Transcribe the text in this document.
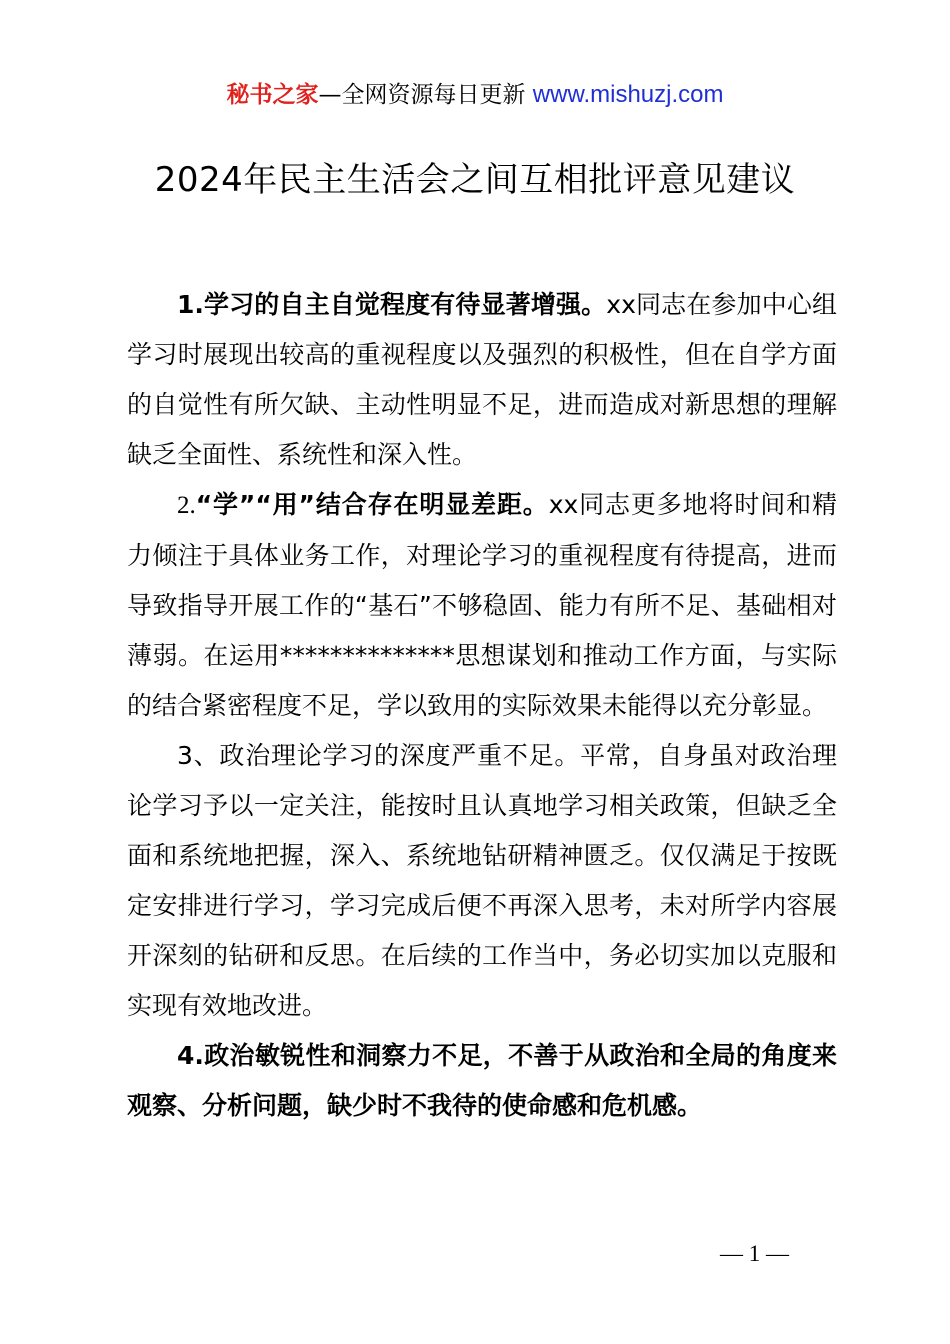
秘书之家—全网资源每日更新 www.mishuzj.com
2024年民主生活会之间互相批评意见建议

1.学习的自主自觉程度有待显著增强。xx同志在参加中心组学习时展现出较高的重视程度以及强烈的积极性，但在自学方面的自觉性有所欠缺、主动性明显不足，进而造成对新思想的理解缺乏全面性、系统性和深入性。

2.“学”“用”结合存在明显差距。xx同志更多地将时间和精力倾注于具体业务工作，对理论学习的重视程度有待提高，进而导致指导开展工作的“基石”不够稳固、能力有所不足、基础相对薄弱。在运用**************思想谋划和推动工作方面，与实际的结合紧密程度不足，学以致用的实际效果未能得以充分彰显。

3、政治理论学习的深度严重不足。平常，自身虽对政治理论学习予以一定关注，能按时且认真地学习相关政策，但缺乏全面和系统地把握，深入、系统地钻研精神匮乏。仅仅满足于按既定安排进行学习，学习完成后便不再深入思考，未对所学内容展开深刻的钻研和反思。在后续的工作当中，务必切实加以克服和实现有效地改进。

4.政治敏锐性和洞察力不足，不善于从政治和全局的角度来观察、分析问题，缺少时不我待的使命感和危机感。

— 1 —
